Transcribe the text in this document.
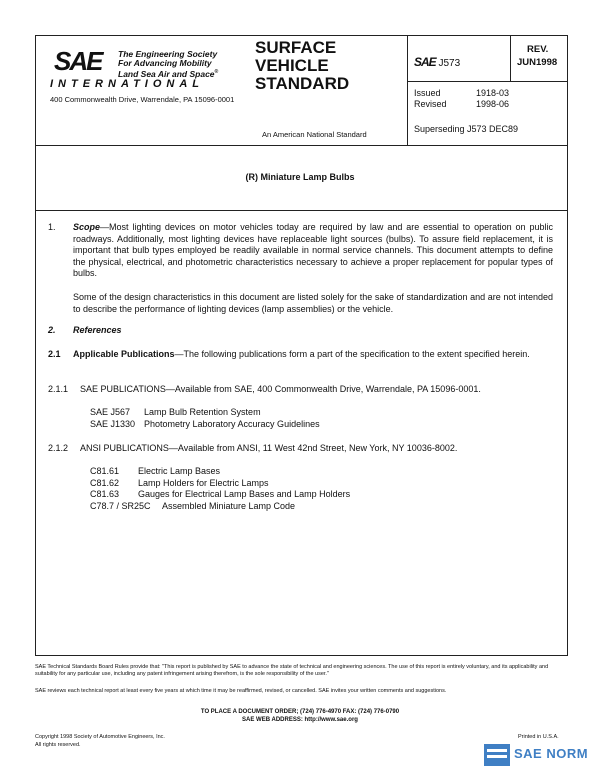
SAE The Engineering Society
For Advancing Mobility
Land Sea Air and Space®
INTERNATIONAL
400 Commonwealth Drive, Warrendale, PA 15096-0001
SURFACE
VEHICLE
STANDARD
An American National Standard
SAE J573
REV.
JUN1998
Issued	1918-03
Revised	1998-06
Superseding J573 DEC89
(R) Miniature Lamp Bulbs
1. Scope—Most lighting devices on motor vehicles today are required by law and are essential to operation on public roadways. Additionally, most lighting devices have replaceable light sources (bulbs). To assure field replacement, it is important that bulb types employed be readily available in normal service channels. This document attempts to define the physical, electrical, and photometric characteristics necessary to achieve a proper replacement for popular types of bulbs.
Some of the design characteristics in this document are listed solely for the sake of standardization and are not intended to describe the performance of lighting devices (lamp assemblies) or the vehicle.
2. References
2.1 Applicable Publications—The following publications form a part of the specification to the extent specified herein.
2.1.1 SAE PUBLICATIONS—Available from SAE, 400 Commonwealth Drive, Warrendale, PA 15096-0001.
SAE J567 Lamp Bulb Retention System
SAE J1330 Photometry Laboratory Accuracy Guidelines
2.1.2 ANSI PUBLICATIONS—Available from ANSI, 11 West 42nd Street, New York, NY 10036-8002.
C81.61 Electric Lamp Bases
C81.62 Lamp Holders for Electric Lamps
C81.63 Gauges for Electrical Lamp Bases and Lamp Holders
C78.7 / SR25C Assembled Miniature Lamp Code
SAE Technical Standards Board Rules provide that: "This report is published by SAE to advance the state of technical and engineering sciences. The use of this report is entirely voluntary, and its applicability and suitability for any particular use, including any patent infringement arising therefrom, is the sole responsibility of the user."
SAE reviews each technical report at least every five years at which time it may be reaffirmed, revised, or cancelled. SAE invites your written comments and suggestions.
TO PLACE A DOCUMENT ORDER; (724) 776-4970 FAX: (724) 776-0790
SAE WEB ADDRESS: http://www.sae.org
Copyright 1998 Society of Automotive Engineers, Inc.
All rights reserved.
Printed in U.S.A.
SAE NORM
